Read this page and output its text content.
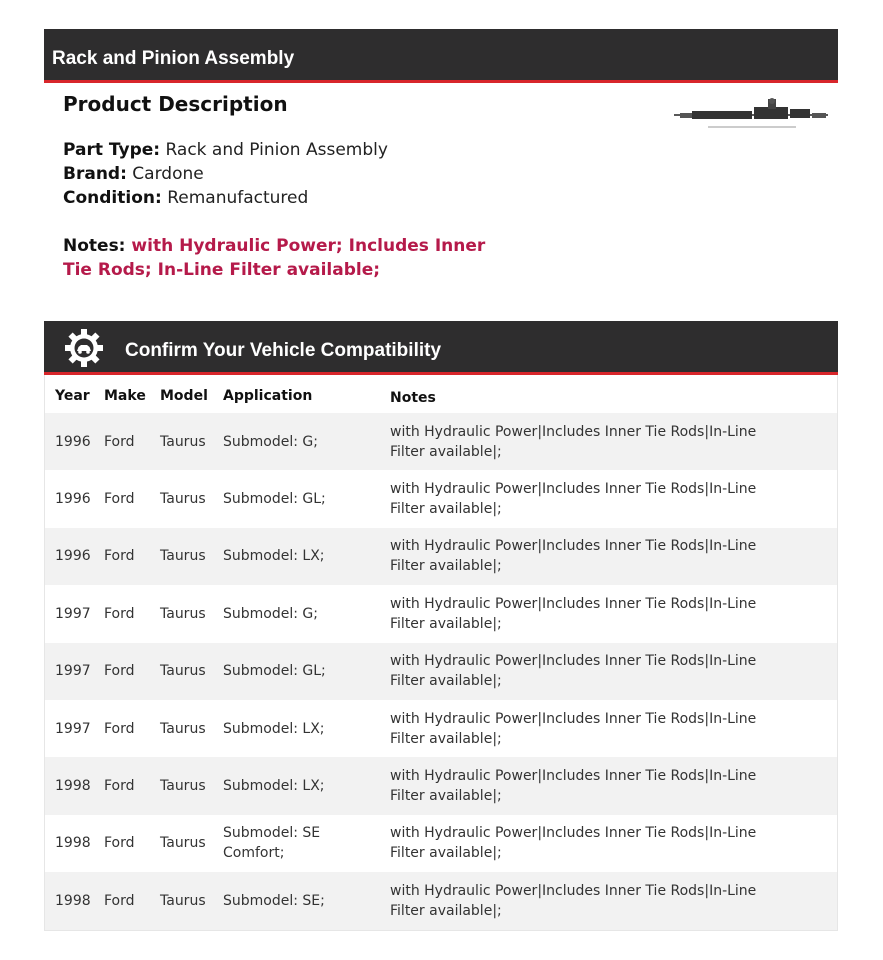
Rack and Pinion Assembly
Product Description
Part Type: Rack and Pinion Assembly
Brand: Cardone
Condition: Remanufactured
Notes: with Hydraulic Power; Includes Inner Tie Rods; In-Line Filter available;
Confirm Your Vehicle Compatibility
Year Make Model Application	Notes
1996 Ford Taurus Submodel: G;
with Hydraulic Power|Includes Inner Tie Rods|In-Line Filter available|;
1996 Ford Taurus Submodel: GL;
with Hydraulic Power|Includes Inner Tie Rods|In-Line Filter available|;
1996 Ford Taurus Submodel: LX;
with Hydraulic Power|Includes Inner Tie Rods|In-Line Filter available|;
1997 Ford Taurus Submodel: G;
with Hydraulic Power|Includes Inner Tie Rods|In-Line Filter available|;
1997 Ford Taurus Submodel: GL;
with Hydraulic Power|Includes Inner Tie Rods|In-Line Filter available|;
1997 Ford Taurus Submodel: LX;
with Hydraulic Power|Includes Inner Tie Rods|In-Line Filter available|;
1998 Ford Taurus Submodel: LX;
with Hydraulic Power|Includes Inner Tie Rods|In-Line Filter available|;
1998 Ford Taurus
Submodel: SE Comfort;
with Hydraulic Power|Includes Inner Tie Rods|In-Line Filter available|;
1998 Ford Taurus Submodel: SE;
with Hydraulic Power|Includes Inner Tie Rods|In-Line Filter available|;
